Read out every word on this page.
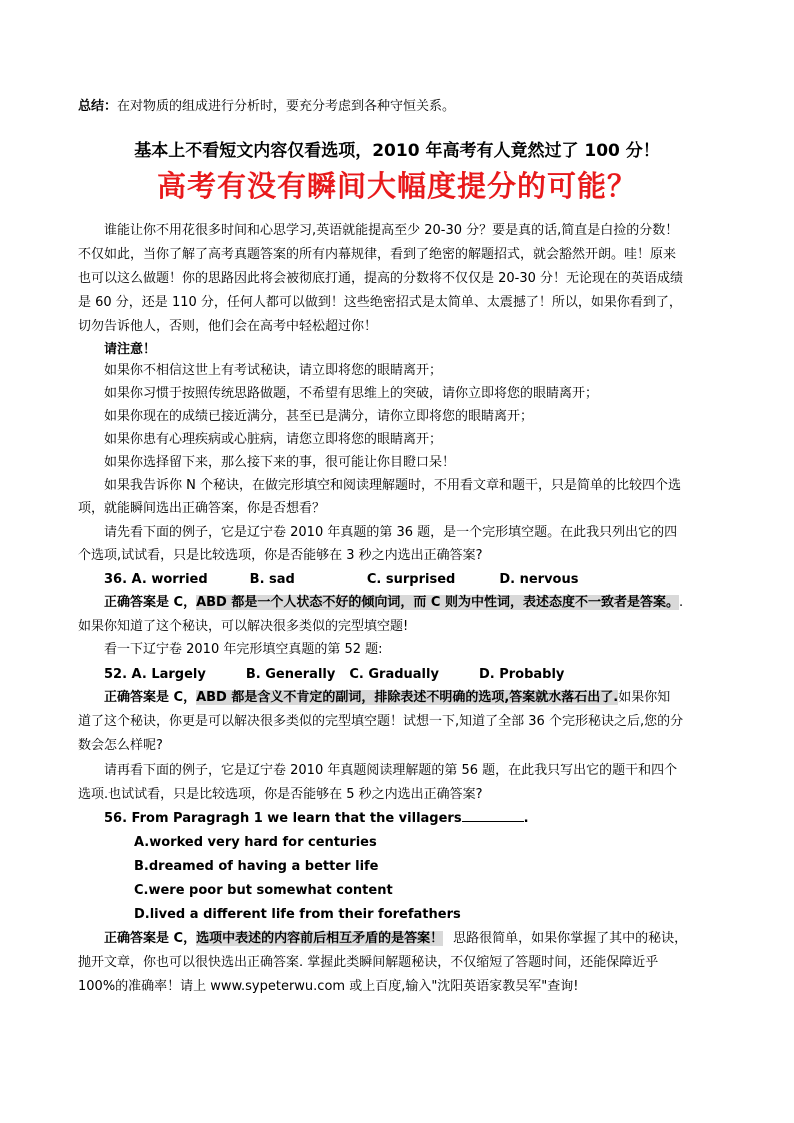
总结：在对物质的组成进行分析时，要充分考虑到各种守恒关系。
基本上不看短文内容仅看选项，2010 年高考有人竟然过了 100 分！
高考有没有瞬间大幅度提分的可能？
谁能让你不用花很多时间和心思学习,英语就能提高至少 20-30 分？要是真的话,简直是白捡的分数！
不仅如此，当你了解了高考真题答案的所有内幕规律，看到了绝密的解题招式，就会豁然开朗。哇！原来
也可以这么做题！你的思路因此将会被彻底打通，提高的分数将不仅仅是 20-30 分！无论现在的英语成绩
是 60 分，还是 110 分，任何人都可以做到！这些绝密招式是太简单、太震撼了！所以，如果你看到了，
切勿告诉他人，否则，他们会在高考中轻松超过你！
请注意！
如果你不相信这世上有考试秘诀，请立即将您的眼睛离开；
如果你习惯于按照传统思路做题，不希望有思维上的突破，请你立即将您的眼睛离开；
如果你现在的成绩已接近满分，甚至已是满分，请你立即将您的眼睛离开；
如果你患有心理疾病或心脏病，请您立即将您的眼睛离开；
如果你选择留下来，那么接下来的事，很可能让你目瞪口呆！
如果我告诉你 N 个秘诀，在做完形填空和阅读理解题时，不用看文章和题干，只是简单的比较四个选
项，就能瞬间选出正确答案，你是否想看？
请先看下面的例子，它是辽宁卷 2010 年真题的第 36 题，是一个完形填空题。在此我只列出它的四
个选项,试试看，只是比较选项，你是否能够在 3 秒之内选出正确答案?
36. A. worried	B. sad	C. surprised	D. nervous
正确答案是 C，ABD 都是一个人状态不好的倾向词，而 C 则为中性词，表述态度不一致者是答案。.
如果你知道了这个秘诀，可以解决很多类似的完型填空题!
看一下辽宁卷 2010 年完形填空真题的第 52 题:
52. A. Largely	B. Generally C. Gradually	D. Probably
正确答案是 C，ABD 都是含义不肯定的副词，排除表述不明确的选项,答案就水落石出了.如果你知
道了这个秘诀，你更是可以解决很多类似的完型填空题！试想一下,知道了全部 36 个完形秘诀之后,您的分
数会怎么样呢?
请再看下面的例子，它是辽宁卷 2010 年真题阅读理解题的第 56 题，在此我只写出它的题干和四个
选项.也试试看，只是比较选项，你是否能够在 5 秒之内选出正确答案?
56. From Paragragh 1 we learn that the villagers	.
A.worked very hard for centuries
B.dreamed of having a better life
C.were poor but somewhat content
D.lived a different life from their forefathers
正确答案是 C，选项中表述的内容前后相互矛盾的是答案！ 思路很简单，如果你掌握了其中的秘诀，
抛开文章，你也可以很快选出正确答案. 掌握此类瞬间解题秘诀，不仅缩短了答题时间，还能保障近乎
100%的准确率！请上 www.sypeterwu.com 或上百度,输入"沈阳英语家教吴军"查询!
